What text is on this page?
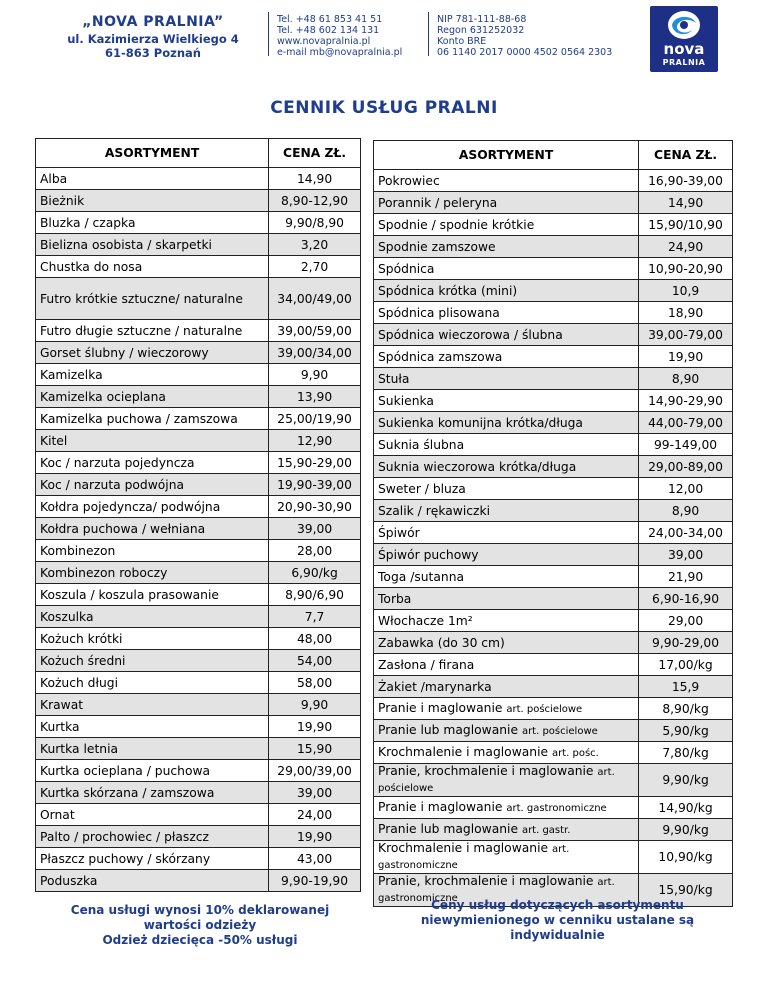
„NOVA PRALNIA”
ul. Kazimierza Wielkiego 4
61-863 Poznań
Tel. +48 61 853 41 51
Tel. +48 602 134 131
www.novapralnia.pl
e-mail mb@novapralnia.pl
NIP 781-111-88-68
Regon 631252032
Konto BRE
06 1140 2017 0000 4502 0564 2303	nova
PRALNIA
CENNIK USŁUG PRALNI
ASORTYMENT	CENA ZŁ.
Alba	14,90
Bieżnik	8,90-12,90
Bluzka / czapka	9,90/8,90
Bielizna osobista / skarpetki	3,20
Chustka do nosa	2,70
Futro krótkie sztuczne/ naturalne	34,00/49,00
Futro długie sztuczne / naturalne	39,00/59,00
Gorset ślubny / wieczorowy	39,00/34,00
Kamizelka	9,90
Kamizelka ocieplana	13,90
Kamizelka puchowa / zamszowa	25,00/19,90
Kitel	12,90
Koc / narzuta pojedyncza	15,90-29,00
Koc / narzuta podwójna	19,90-39,00
Kołdra pojedyncza/ podwójna	20,90-30,90
Kołdra puchowa / wełniana	39,00
Kombinezon	28,00
Kombinezon roboczy	6,90/kg
Koszula / koszula prasowanie	8,90/6,90
Koszulka	7,7
Kożuch krótki	48,00
Kożuch średni	54,00
Kożuch długi	58,00
Krawat	9,90
Kurtka	19,90
Kurtka letnia	15,90
Kurtka ocieplana / puchowa	29,00/39,00
Kurtka skórzana / zamszowa	39,00
Ornat	24,00
Palto / prochowiec / płaszcz	19,90
Płaszcz puchowy / skórzany	43,00
Poduszka	9,90-19,90
ASORTYMENT	CENA ZŁ.
Pokrowiec	16,90-39,00
Porannik / peleryna	14,90
Spodnie / spodnie krótkie	15,90/10,90
Spodnie zamszowe	24,90
Spódnica	10,90-20,90
Spódnica krótka (mini)	10,9
Spódnica plisowana	18,90
Spódnica wieczorowa / ślubna	39,00-79,00
Spódnica zamszowa	19,90
Stuła	8,90
Sukienka	14,90-29,90
Sukienka komunijna krótka/długa	44,00-79,00
Suknia ślubna	99-149,00
Suknia wieczorowa krótka/długa	29,00-89,00
Sweter / bluza	12,00
Szalik / rękawiczki	8,90
Śpiwór	24,00-34,00
Śpiwór puchowy	39,00
Toga /sutanna	21,90
Torba	6,90-16,90
Włochacze 1m²	29,00
Zabawka (do 30 cm)	9,90-29,00
Zasłona / firana	17,00/kg
Żakiet /marynarka	15,9
Pranie i maglowanie art. pościelowe	8,90/kg
Pranie lub maglowanie art. pościelowe	5,90/kg
Krochmalenie i maglowanie art. pośc.	7,80/kg
Pranie, krochmalenie i maglowanie art. pościelowe	9,90/kg
Pranie i maglowanie art. gastronomiczne	14,90/kg
Pranie lub maglowanie art. gastr.	9,90/kg
Krochmalenie i maglowanie art. gastronomiczne	10,90/kg
Pranie, krochmalenie i maglowanie art. gastronomiczne	15,90/kg
Cena usługi wynosi 10% deklarowanej
wartości odzieży
Odzież dziecięca -50% usługi
Ceny usług dotyczących asortymentu
niewymienionego w cenniku ustalane są
indywidualnie
